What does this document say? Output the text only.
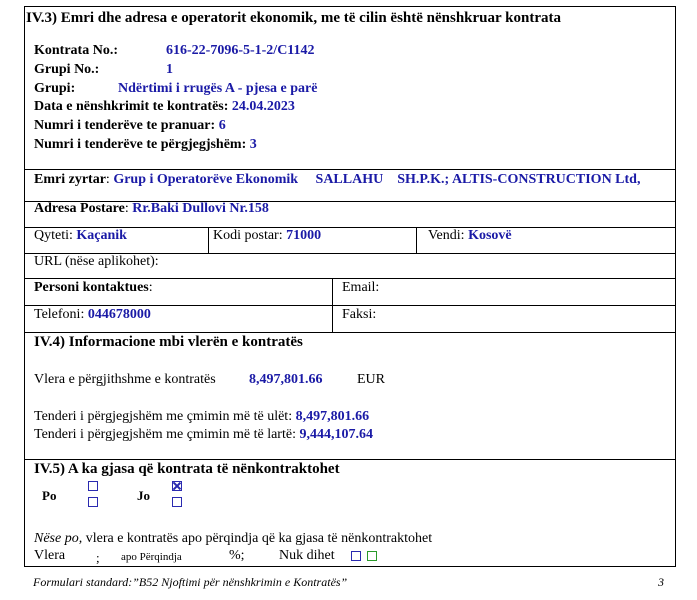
IV.3) Emri dhe adresa e operatorit ekonomik, me të cilin është nënshkruar kontrata
Kontrata No.:	616-22-7096-5-1-2/C1142
Grupi No.:	1
Grupi:	Ndërtimi i rrugës A - pjesa e parë
Data e nënshkrimit te kontratës: 24.04.2023
Numri i tenderëve te pranuar: 6
Numri i tenderëve te përgjegjshëm: 3
Emri zyrtar: Grup i Operatorëve Ekonomik     SALLAHU    SH.P.K.; ALTIS-CONSTRUCTION Ltd,
Adresa Postare: Rr.Baki Dullovi Nr.158
Qyteti: Kaçanik	Kodi postar: 71000	Vendi: Kosovë
URL (nëse aplikohet):
Personi kontaktues:	Email:
Telefoni: 044678000	Faksi:
IV.4) Informacione mbi vlerën e kontratës
Vlera e përgjithshme e kontratës 8,497,801.66 EUR
Tenderi i përgjegjshëm me çmimin më të ulët: 8,497,801.66
Tenderi i përgjegjshëm me çmimin më të lartë: 9,444,107.64
IV.5) A ka gjasa që kontrata të nënkontraktohet
Po	Jo
Nëse po, vlera e kontratës apo përqindja që ka gjasa të nënkontraktohet
Vlera ; apo Përqindja	%; Nuk dihet
Formulari standard:”B52 Njoftimi për nënshkrimin e Kontratës”	3
